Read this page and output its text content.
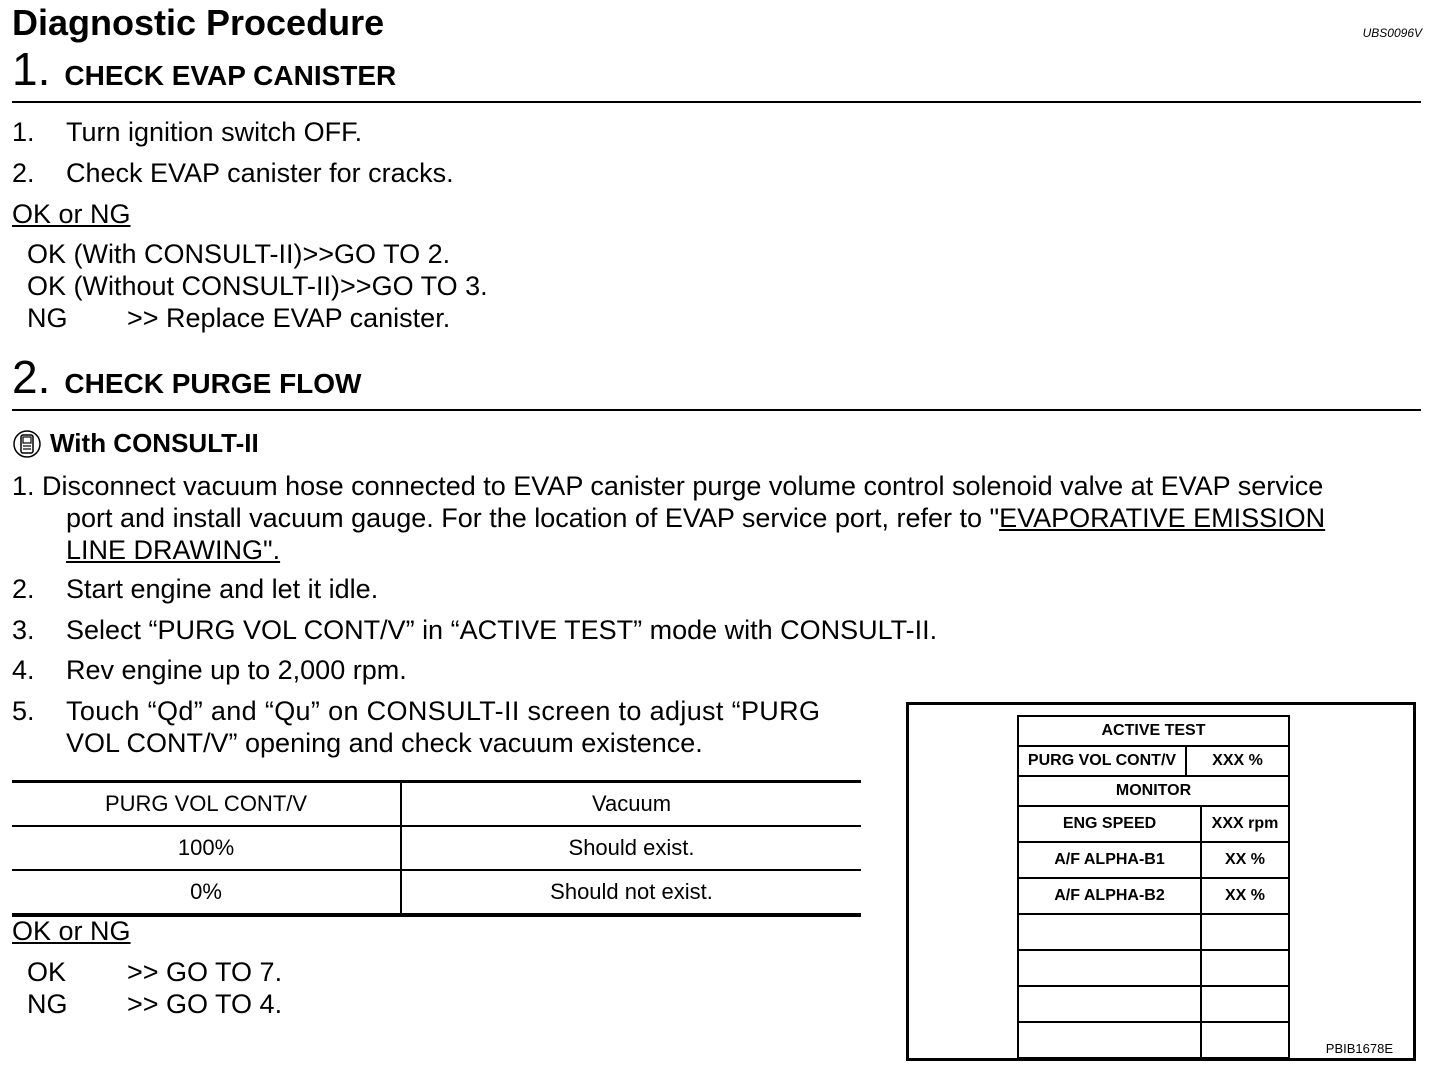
Diagnostic Procedure	UBS0096V
1. CHECK EVAP CANISTER
1.	Turn ignition switch OFF.
2.	Check EVAP canister for cracks.
OK or NG
OK (With CONSULT-II)>>GO TO 2.
OK (Without CONSULT-II)>>GO TO 3.
NG	>> Replace EVAP canister.
2. CHECK PURGE FLOW
With CONSULT-II
1. Disconnect vacuum hose connected to EVAP canister purge volume control solenoid valve at EVAP service
port and install vacuum gauge. For the location of EVAP service port, refer to "EVAPORATIVE EMISSION
LINE DRAWING".
2.	Start engine and let it idle.
3.	Select “PURG VOL CONT/V” in “ACTIVE TEST” mode with CONSULT-II.
4.	Rev engine up to 2,000 rpm.
5.	Touch “Qd” and “Qu” on CONSULT-II screen to adjust “PURG
VOL CONT/V” opening and check vacuum existence.
PURG VOL CONT/V	Vacuum
100%	Should exist.
0%	Should not exist.
OK or NG
OK	>> GO TO 7.
NG	>> GO TO 4.
ACTIVE TEST
PURG VOL CONT/V	XXX %
MONITOR
ENG SPEED	XXX rpm
A/F ALPHA-B1	XX %
A/F ALPHA-B2	XX %
PBIB1678E
